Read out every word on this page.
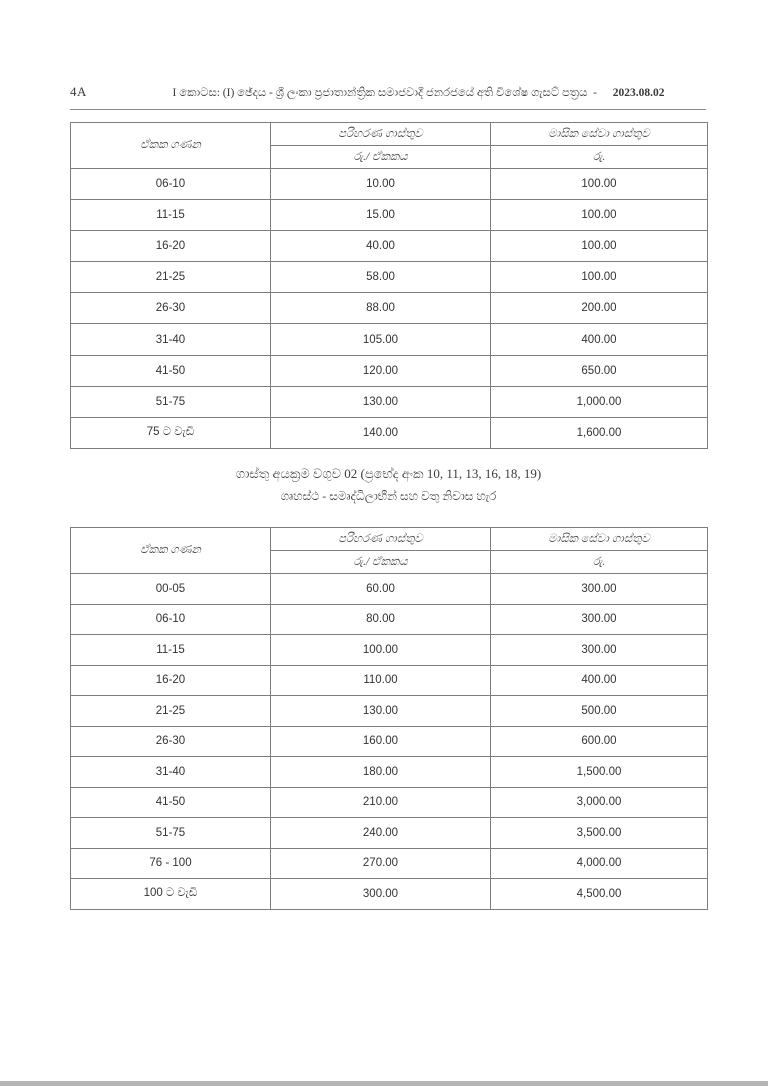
4A	I කොටස: (I) ඡේදය - ශ්‍රී ලංකා ප්‍රජාතාන්ත්‍රික සමාජවාදී ජනරජයේ අති විශේෂ ගැසට් පත්‍රය  -  2023.08.02
ඒකක ගණන	පරිහරණ ගාස්තුව	මාසික සේවා ගාස්තුව
	රු./ ඒකකය	රු.
06-10	10.00	100.00
11-15	15.00	100.00
16-20	40.00	100.00
21-25	58.00	100.00
26-30	88.00	200.00
31-40	105.00	400.00
41-50	120.00	650.00
51-75	130.00	1,000.00
75 ට වැඩි	140.00	1,600.00
ගාස්තු අයක්‍රම වගුව 02 (ප්‍රභේද අංක 10, 11, 13, 16, 18, 19)
ගෘහස්ථ - සමෘද්ධිලාභීන් සහ වතු නිවාස හැර
ඒකක ගණන	පරිහරණ ගාස්තුව	මාසික සේවා ගාස්තුව
	රු./ ඒකකය	රු.
00-05	60.00	300.00
06-10	80.00	300.00
11-15	100.00	300.00
16-20	110.00	400.00
21-25	130.00	500.00
26-30	160.00	600.00
31-40	180.00	1,500.00
41-50	210.00	3,000.00
51-75	240.00	3,500.00
76 - 100	270.00	4,000.00
100 ට වැඩි	300.00	4,500.00
